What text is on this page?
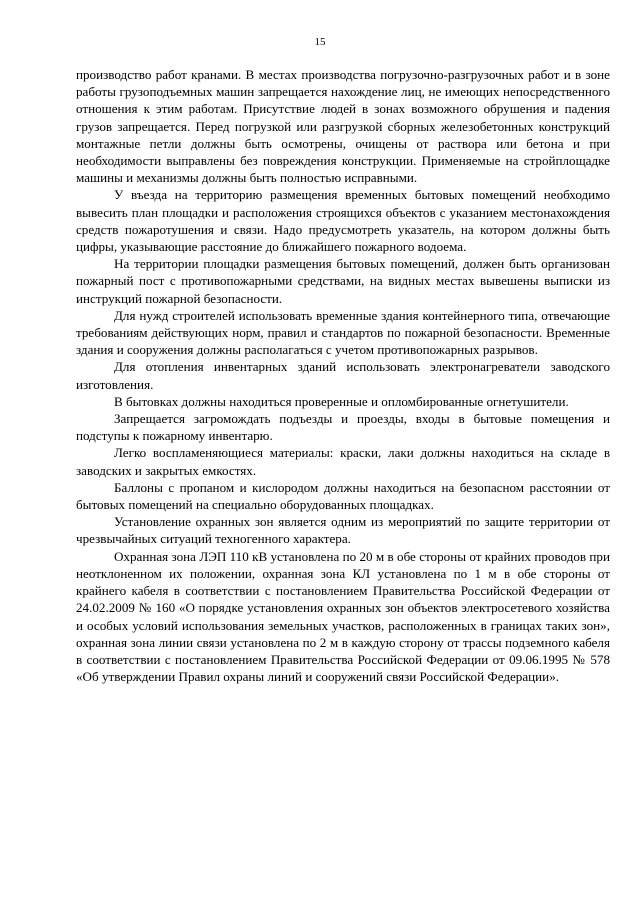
15

производство работ кранами. В местах производства погрузочно-разгрузочных работ и в зоне работы грузоподъемных машин запрещается нахождение лиц, не имеющих непосредственного отношения к этим работам. Присутствие людей в зонах возможного обрушения и падения грузов запрещается. Перед погрузкой или разгрузкой сборных железобетонных конструкций монтажные петли должны быть осмотрены, очищены от раствора или бетона и при необходимости выправлены без повреждения конструкции. Применяемые на стройплощадке машины и механизмы должны быть полностью исправными.

У въезда на территорию размещения временных бытовых помещений необходимо вывесить план площадки и расположения строящихся объектов с указанием местонахождения средств пожаротушения и связи. Надо предусмотреть указатель, на котором должны быть цифры, указывающие расстояние до ближайшего пожарного водоема.

На территории площадки размещения бытовых помещений, должен быть организован пожарный пост с противопожарными средствами, на видных местах вывешены выписки из инструкций пожарной безопасности.

Для нужд строителей использовать временные здания контейнерного типа, отвечающие требованиям действующих норм, правил и стандартов по пожарной безопасности. Временные здания и сооружения должны располагаться с учетом противопожарных разрывов.

Для отопления инвентарных зданий использовать электронагреватели заводского изготовления.

В бытовках должны находиться проверенные и опломбированные огнетушители.

Запрещается загромождать подъезды и проезды, входы в бытовые помещения и подступы к пожарному инвентарю.

Легко воспламеняющиеся материалы: краски, лаки должны находиться на складе в заводских и закрытых емкостях.

Баллоны с пропаном и кислородом должны находиться на безопасном расстоянии от бытовых помещений на специально оборудованных площадках.

Установление охранных зон является одним из мероприятий по защите территории от чрезвычайных ситуаций техногенного характера.

Охранная зона ЛЭП 110 кВ установлена по 20 м в обе стороны от крайних проводов при неотклоненном их положении, охранная зона КЛ установлена по 1 м в обе стороны от крайнего кабеля в соответствии с постановлением Правительства Российской Федерации от 24.02.2009 № 160 «О порядке установления охранных зон объектов электросетевого хозяйства и особых условий использования земельных участков, расположенных в границах таких зон», охранная зона линии связи установлена по 2 м в каждую сторону от трассы подземного кабеля в соответствии с постановлением Правительства Российской Федерации от 09.06.1995 № 578 «Об утверждении Правил охраны линий и сооружений связи Российской Федерации».
